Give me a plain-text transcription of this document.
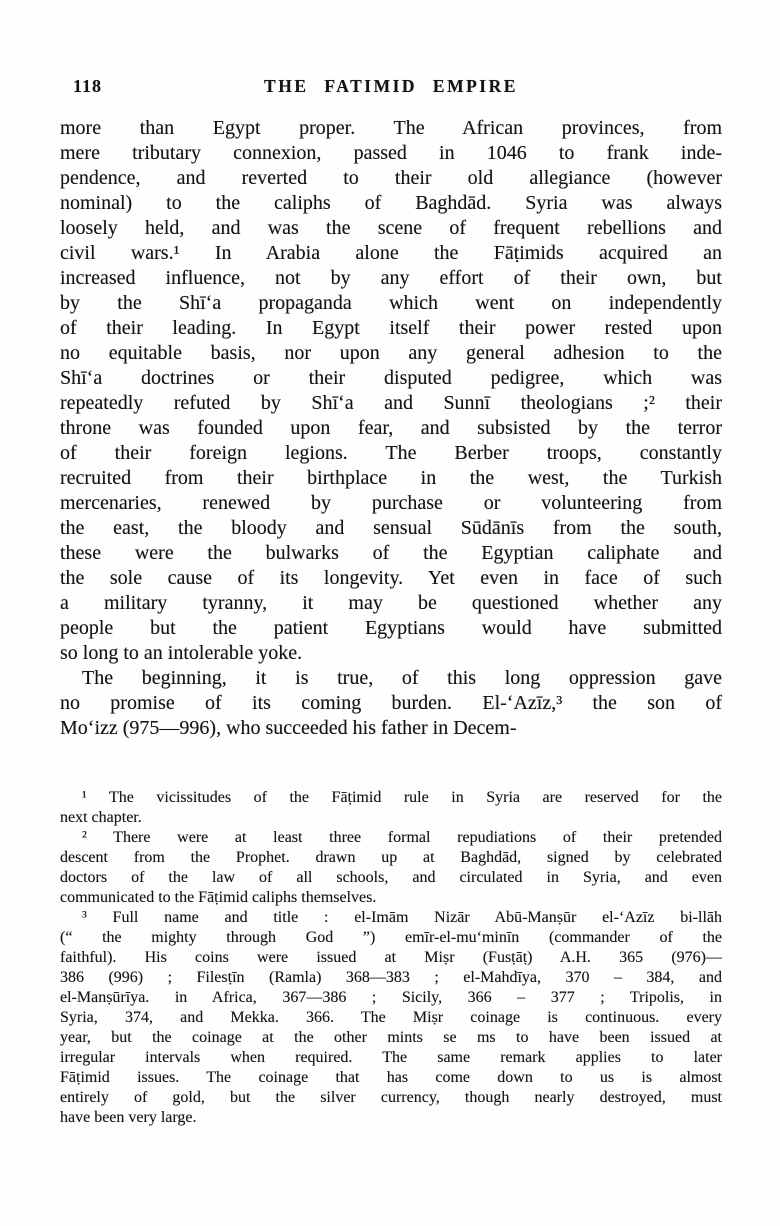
118	THE FATIMID EMPIRE
more than Egypt proper. The African provinces, from
mere tributary connexion, passed in 1046 to frank inde-
pendence, and reverted to their old allegiance (however
nominal) to the caliphs of Baghdād. Syria was always
loosely held, and was the scene of frequent rebellions and
civil wars.¹ In Arabia alone the Fāṭimids acquired an
increased influence, not by any effort of their own, but
by the Shī‘a propaganda which went on independently
of their leading. In Egypt itself their power rested upon
no equitable basis, nor upon any general adhesion to the
Shī‘a doctrines or their disputed pedigree, which was
repeatedly refuted by Shī‘a and Sunnī theologians ;² their
throne was founded upon fear, and subsisted by the terror
of their foreign legions. The Berber troops, constantly
recruited from their birthplace in the west, the Turkish
mercenaries, renewed by purchase or volunteering from
the east, the bloody and sensual Sūdānīs from the south,
these were the bulwarks of the Egyptian caliphate and
the sole cause of its longevity. Yet even in face of such
a military tyranny, it may be questioned whether any
people but the patient Egyptians would have submitted
so long to an intolerable yoke.
The beginning, it is true, of this long oppression gave
no promise of its coming burden. El-‘Azīz,³ the son of
Mo‘izz (975—996), who succeeded his father in Decem-
¹ The vicissitudes of the Fāṭimid rule in Syria are reserved for the
next chapter.
² There were at least three formal repudiations of their pretended
descent from the Prophet. drawn up at Baghdād, signed by celebrated
doctors of the law of all schools, and circulated in Syria, and even
communicated to the Fāṭimid caliphs themselves.
³ Full name and title : el-Imām Nizār Abū-Manṣūr el-‘Azīz bi-llāh
(“ the mighty through God ”) emīr-el-mu‘minīn (commander of the
faithful). His coins were issued at Miṣr (Fusṭāṭ) A.H. 365 (976)—
386 (996) ; Filesṭīn (Ramla) 368—383 ; el-Mahdīya, 370 – 384, and
el-Manṣūrīya. in Africa, 367—386 ; Sicily, 366 – 377 ; Tripolis, in
Syria, 374, and Mekka. 366. The Miṣr coinage is continuous. every
year, but the coinage at the other mints se ms to have been issued at
irregular intervals when required. The same remark applies to later
Fāṭimid issues. The coinage that has come down to us is almost
entirely of gold, but the silver currency, though nearly destroyed, must
have been very large.
